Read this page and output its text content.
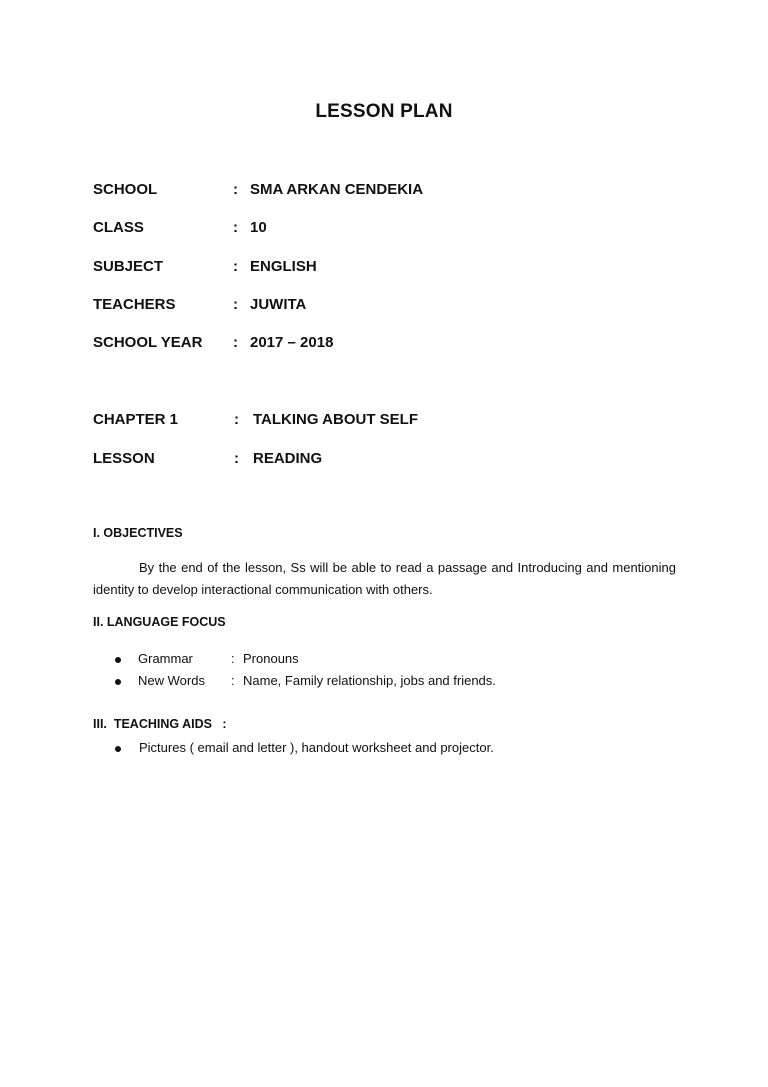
LESSON PLAN
SCHOOL	: SMA ARKAN CENDEKIA
CLASS	: 10
SUBJECT	: ENGLISH
TEACHERS	: JUWITA
SCHOOL YEAR : 2017 – 2018
CHAPTER 1	: TALKING ABOUT SELF
LESSON	: READING
I. OBJECTIVES
By the end of the lesson, Ss will be able to read a passage and Introducing and mentioning identity to develop interactional communication with others.
II. LANGUAGE FOCUS
Grammar	: Pronouns
New Words : Name, Family relationship, jobs and friends.
III.  TEACHING AIDS   :
Pictures ( email and letter ), handout worksheet and projector.
